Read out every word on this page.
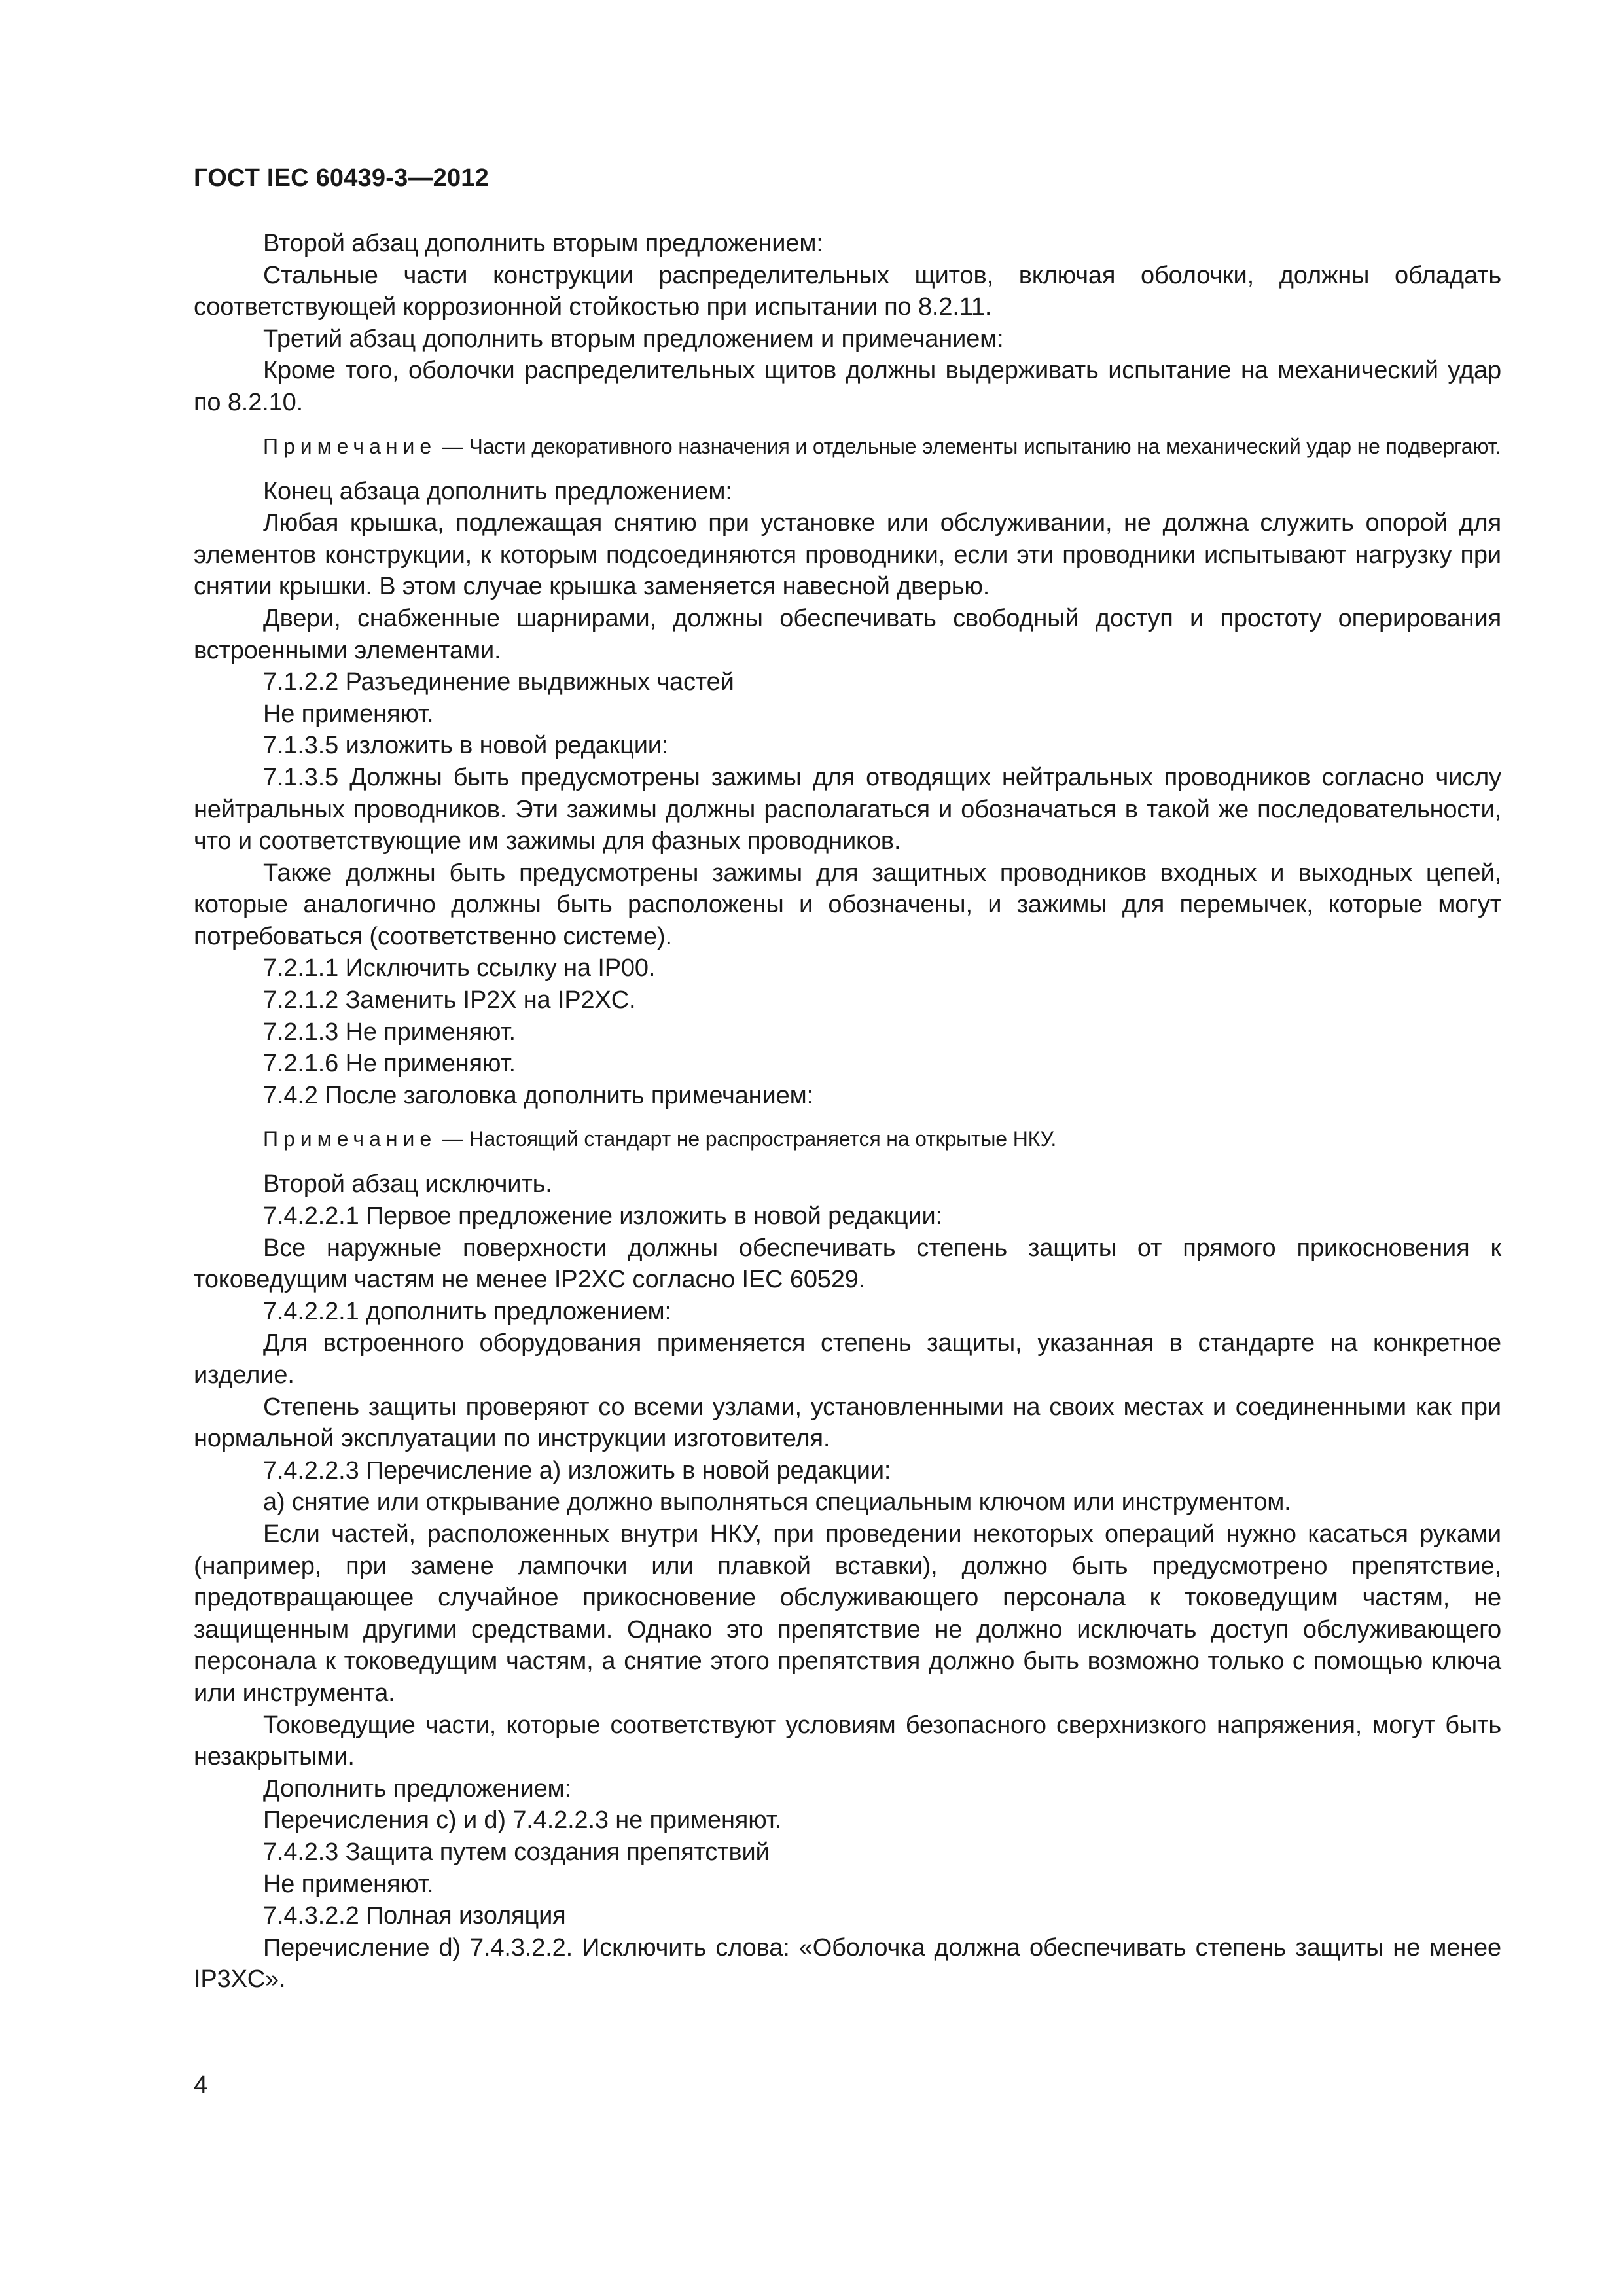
ГОСТ IEC 60439-3—2012

Второй абзац дополнить вторым предложением:

Стальные части конструкции распределительных щитов, включая оболочки, должны обладать соответствующей коррозионной стойкостью при испытании по 8.2.11.

Третий абзац дополнить вторым предложением и примечанием:

Кроме того, оболочки распределительных щитов должны выдерживать испытание на механический удар по 8.2.10.

Примечание — Части декоративного назначения и отдельные элементы испытанию на механический удар не подвергают.

Конец абзаца дополнить предложением:

Любая крышка, подлежащая снятию при установке или обслуживании, не должна служить опорой для элементов конструкции, к которым подсоединяются проводники, если эти проводники испытывают нагрузку при снятии крышки. В этом случае крышка заменяется навесной дверью.

Двери, снабженные шарнирами, должны обеспечивать свободный доступ и простоту оперирования встроенными элементами.

7.1.2.2 Разъединение выдвижных частей

Не применяют.

7.1.3.5 изложить в новой редакции:

7.1.3.5 Должны быть предусмотрены зажимы для отводящих нейтральных проводников согласно числу нейтральных проводников. Эти зажимы должны располагаться и обозначаться в такой же последовательности, что и соответствующие им зажимы для фазных проводников.

Также должны быть предусмотрены зажимы для защитных проводников входных и выходных цепей, которые аналогично должны быть расположены и обозначены, и зажимы для перемычек, которые могут потребоваться (соответственно системе).

7.2.1.1 Исключить ссылку на IP00.

7.2.1.2 Заменить IP2X на IP2XC.

7.2.1.3 Не применяют.

7.2.1.6 Не применяют.

7.4.2 После заголовка дополнить примечанием:

Примечание — Настоящий стандарт не распространяется на открытые НКУ.

Второй абзац исключить.

7.4.2.2.1 Первое предложение изложить в новой редакции:

Все наружные поверхности должны обеспечивать степень защиты от прямого прикосновения к токоведущим частям не менее IP2XC согласно IEC 60529.

7.4.2.2.1 дополнить предложением:

Для встроенного оборудования применяется степень защиты, указанная в стандарте на конкретное изделие.

Степень защиты проверяют со всеми узлами, установленными на своих местах и соединенными как при нормальной эксплуатации по инструкции изготовителя.

7.4.2.2.3 Перечисление а) изложить в новой редакции:

а) снятие или открывание должно выполняться специальным ключом или инструментом.

Если частей, расположенных внутри НКУ, при проведении некоторых операций нужно касаться руками (например, при замене лампочки или плавкой вставки), должно быть предусмотрено препятствие, предотвращающее случайное прикосновение обслуживающего персонала к токоведущим частям, не защищенным другими средствами. Однако это препятствие не должно исключать доступ обслуживающего персонала к токоведущим частям, а снятие этого препятствия должно быть возможно только с помощью ключа или инструмента.

Токоведущие части, которые соответствуют условиям безопасного сверхнизкого напряжения, могут быть незакрытыми.

Дополнить предложением:

Перечисления с) и d) 7.4.2.2.3 не применяют.

7.4.2.3 Защита путем создания препятствий

Не применяют.

7.4.3.2.2 Полная изоляция

Перечисление d) 7.4.3.2.2. Исключить слова: «Оболочка должна обеспечивать степень защиты не менее IP3XC».

4
